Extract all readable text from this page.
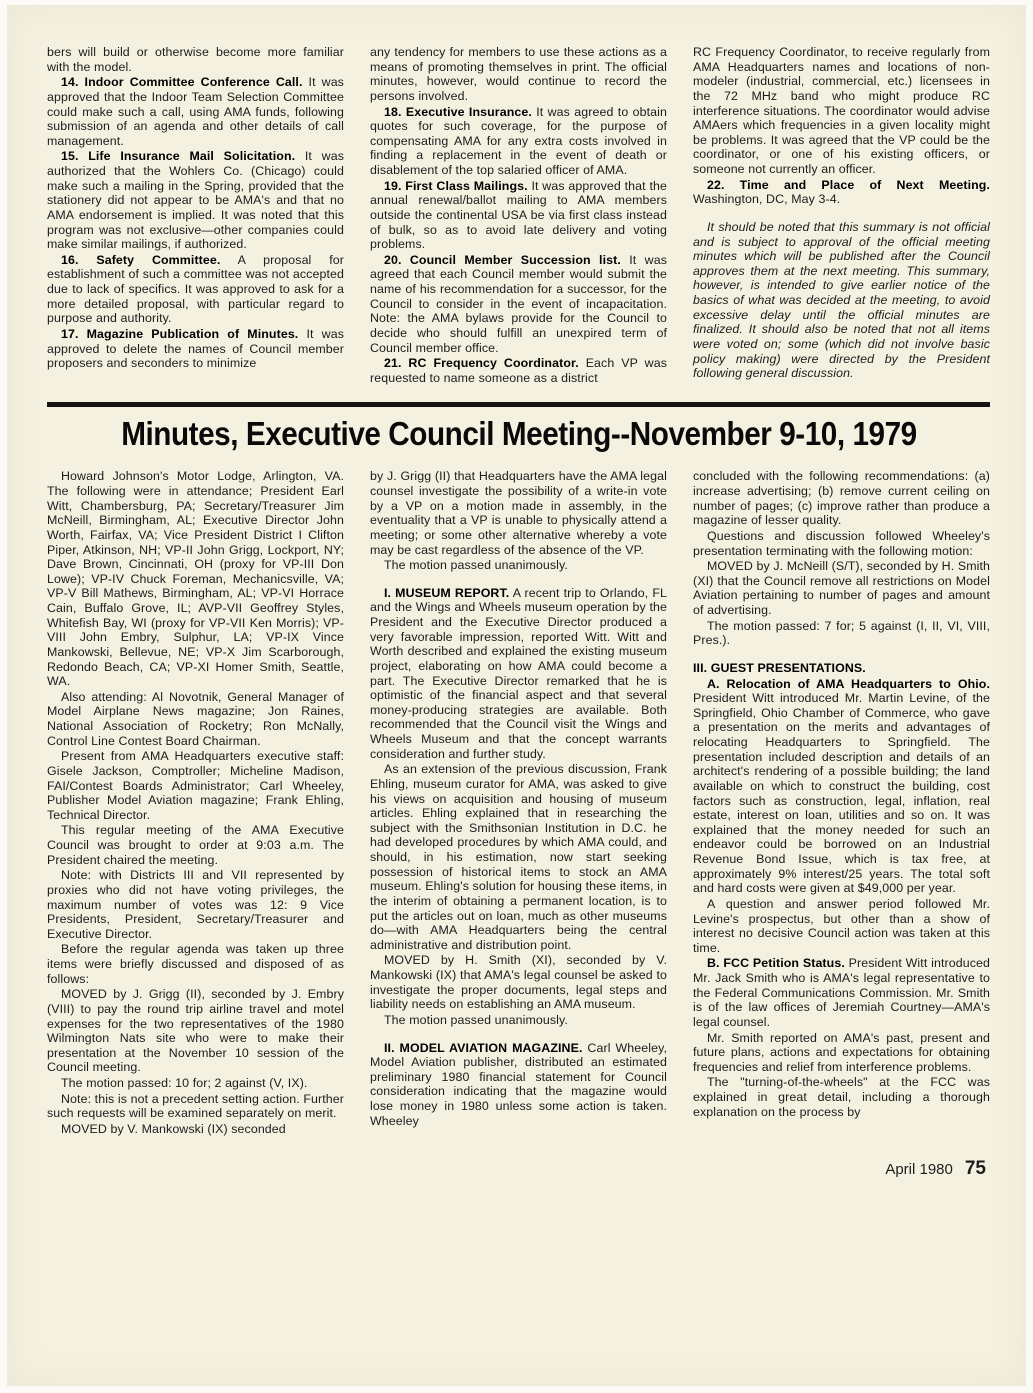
bers will build or otherwise become more familiar with the model.

14. Indoor Committee Conference Call. It was approved that the Indoor Team Selection Committee could make such a call, using AMA funds, following submission of an agenda and other details of call management.

15. Life Insurance Mail Solicitation. It was authorized that the Wohlers Co. (Chicago) could make such a mailing in the Spring, provided that the stationery did not appear to be AMA's and that no AMA endorsement is implied. It was noted that this program was not exclusive—other companies could make similar mailings, if authorized.

16. Safety Committee. A proposal for establishment of such a committee was not accepted due to lack of specifics. It was approved to ask for a more detailed proposal, with particular regard to purpose and authority.

17. Magazine Publication of Minutes. It was approved to delete the names of Council member proposers and seconders to minimize

any tendency for members to use these actions as a means of promoting themselves in print. The official minutes, however, would continue to record the persons involved.

18. Executive Insurance. It was agreed to obtain quotes for such coverage, for the purpose of compensating AMA for any extra costs involved in finding a replacement in the event of death or disablement of the top salaried officer of AMA.

19. First Class Mailings. It was approved that the annual renewal/ballot mailing to AMA members outside the continental USA be via first class instead of bulk, so as to avoid late delivery and voting problems.

20. Council Member Succession list. It was agreed that each Council member would submit the name of his recommendation for a successor, for the Council to consider in the event of incapacitation. Note: the AMA bylaws provide for the Council to decide who should fulfill an unexpired term of Council member office.

21. RC Frequency Coordinator. Each VP was requested to name someone as a district

RC Frequency Coordinator, to receive regularly from AMA Headquarters names and locations of non-modeler (industrial, commercial, etc.) licensees in the 72 MHz band who might produce RC interference situations. The coordinator would advise AMAers which frequencies in a given locality might be problems. It was agreed that the VP could be the coordinator, or one of his existing officers, or someone not currently an officer.

22. Time and Place of Next Meeting. Washington, DC, May 3-4.

It should be noted that this summary is not official and is subject to approval of the official meeting minutes which will be published after the Council approves them at the next meeting. This summary, however, is intended to give earlier notice of the basics of what was decided at the meeting, to avoid excessive delay until the official minutes are finalized. It should also be noted that not all items were voted on; some (which did not involve basic policy making) were directed by the President following general discussion.

Minutes, Executive Council Meeting--November 9-10, 1979

Howard Johnson's Motor Lodge, Arlington, VA. The following were in attendance; President Earl Witt, Chambersburg, PA; Secretary/Treasurer Jim McNeill, Birmingham, AL; Executive Director John Worth, Fairfax, VA; Vice President District I Clifton Piper, Atkinson, NH; VP-II John Grigg, Lockport, NY; Dave Brown, Cincinnati, OH (proxy for VP-III Don Lowe); VP-IV Chuck Foreman, Mechanicsville, VA; VP-V Bill Mathews, Birmingham, AL; VP-VI Horrace Cain, Buffalo Grove, IL; AVP-VII Geoffrey Styles, Whitefish Bay, WI (proxy for VP-VII Ken Morris); VP-VIII John Embry, Sulphur, LA; VP-IX Vince Mankowski, Bellevue, NE; VP-X Jim Scarborough, Redondo Beach, CA; VP-XI Homer Smith, Seattle, WA.

Also attending: Al Novotnik, General Manager of Model Airplane News magazine; Jon Raines, National Association of Rocketry; Ron McNally, Control Line Contest Board Chairman.

Present from AMA Headquarters executive staff: Gisele Jackson, Comptroller; Micheline Madison, FAI/Contest Boards Administrator; Carl Wheeley, Publisher Model Aviation magazine; Frank Ehling, Technical Director.

This regular meeting of the AMA Executive Council was brought to order at 9:03 a.m. The President chaired the meeting.

Note: with Districts III and VII represented by proxies who did not have voting privileges, the maximum number of votes was 12: 9 Vice Presidents, President, Secretary/Treasurer and Executive Director.

Before the regular agenda was taken up three items were briefly discussed and disposed of as follows:

MOVED by J. Grigg (II), seconded by J. Embry (VIII) to pay the round trip airline travel and motel expenses for the two representatives of the 1980 Wilmington Nats site who were to make their presentation at the November 10 session of the Council meeting.

The motion passed: 10 for; 2 against (V, IX).

Note: this is not a precedent setting action. Further such requests will be examined separately on merit.

MOVED by V. Mankowski (IX) seconded

by J. Grigg (II) that Headquarters have the AMA legal counsel investigate the possibility of a write-in vote by a VP on a motion made in assembly, in the eventuality that a VP is unable to physically attend a meeting; or some other alternative whereby a vote may be cast regardless of the absence of the VP.

The motion passed unanimously.

I. MUSEUM REPORT. A recent trip to Orlando, FL and the Wings and Wheels museum operation by the President and the Executive Director produced a very favorable impression, reported Witt. Witt and Worth described and explained the existing museum project, elaborating on how AMA could become a part. The Executive Director remarked that he is optimistic of the financial aspect and that several money-producing strategies are available. Both recommended that the Council visit the Wings and Wheels Museum and that the concept warrants consideration and further study.

As an extension of the previous discussion, Frank Ehling, museum curator for AMA, was asked to give his views on acquisition and housing of museum articles. Ehling explained that in researching the subject with the Smithsonian Institution in D.C. he had developed procedures by which AMA could, and should, in his estimation, now start seeking possession of historical items to stock an AMA museum. Ehling's solution for housing these items, in the interim of obtaining a permanent location, is to put the articles out on loan, much as other museums do—with AMA Headquarters being the central administrative and distribution point.

MOVED by H. Smith (XI), seconded by V. Mankowski (IX) that AMA's legal counsel be asked to investigate the proper documents, legal steps and liability needs on establishing an AMA museum.

The motion passed unanimously.

II. MODEL AVIATION MAGAZINE. Carl Wheeley, Model Aviation publisher, distributed an estimated preliminary 1980 financial statement for Council consideration indicating that the magazine would lose money in 1980 unless some action is taken. Wheeley

concluded with the following recommendations: (a) increase advertising; (b) remove current ceiling on number of pages; (c) improve rather than produce a magazine of lesser quality.

Questions and discussion followed Wheeley's presentation terminating with the following motion:

MOVED by J. McNeill (S/T), seconded by H. Smith (XI) that the Council remove all restrictions on Model Aviation pertaining to number of pages and amount of advertising.

The motion passed: 7 for; 5 against (I, II, VI, VIII, Pres.).

III. GUEST PRESENTATIONS.

A. Relocation of AMA Headquarters to Ohio. President Witt introduced Mr. Martin Levine, of the Springfield, Ohio Chamber of Commerce, who gave a presentation on the merits and advantages of relocating Headquarters to Springfield. The presentation included description and details of an architect's rendering of a possible building; the land available on which to construct the building, cost factors such as construction, legal, inflation, real estate, interest on loan, utilities and so on. It was explained that the money needed for such an endeavor could be borrowed on an Industrial Revenue Bond Issue, which is tax free, at approximately 9% interest/25 years. The total soft and hard costs were given at $49,000 per year.

A question and answer period followed Mr. Levine's prospectus, but other than a show of interest no decisive Council action was taken at this time.

B. FCC Petition Status. President Witt introduced Mr. Jack Smith who is AMA's legal representative to the Federal Communications Commission. Mr. Smith is of the law offices of Jeremiah Courtney—AMA's legal counsel.

Mr. Smith reported on AMA's past, present and future plans, actions and expectations for obtaining frequencies and relief from interference problems.

The "turning-of-the-wheels" at the FCC was explained in great detail, including a thorough explanation on the process by

April 1980 75
